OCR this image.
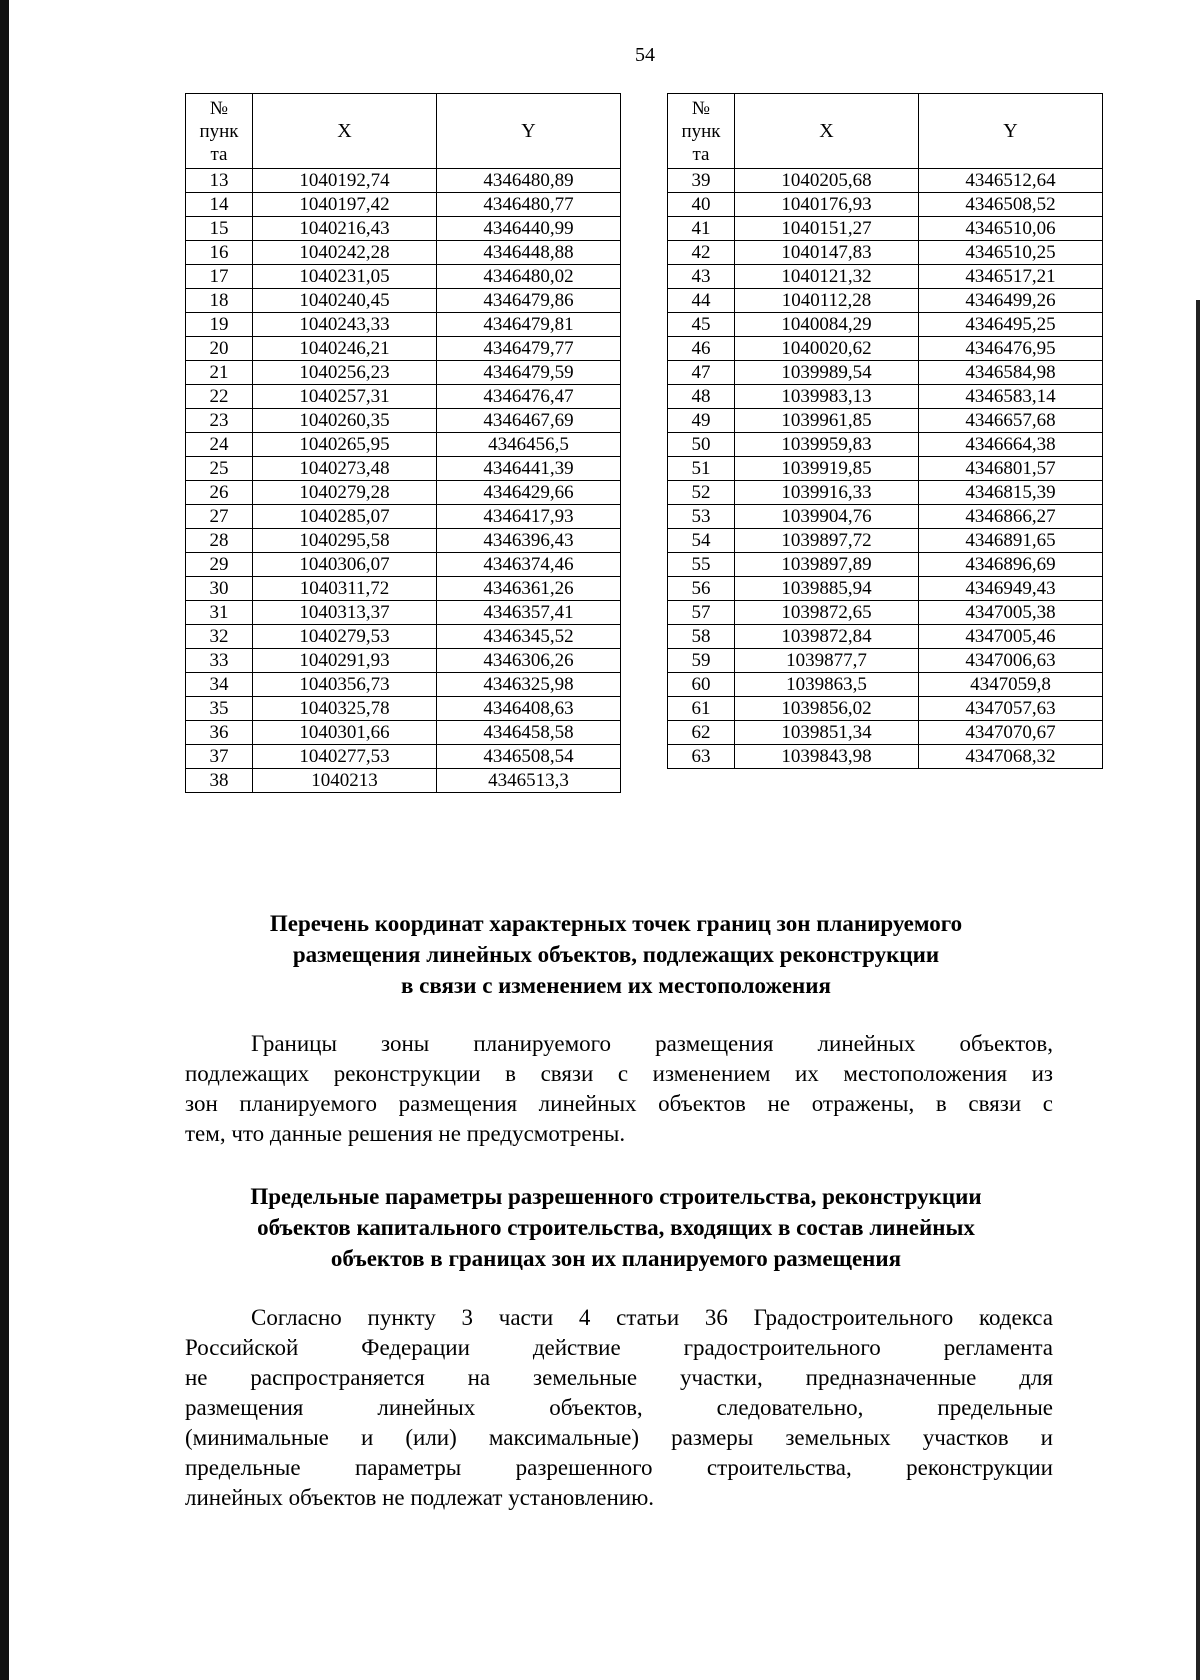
54
№
пунк
та	X	Y
13	1040192,74	4346480,89
14	1040197,42	4346480,77
15	1040216,43	4346440,99
16	1040242,28	4346448,88
17	1040231,05	4346480,02
18	1040240,45	4346479,86
19	1040243,33	4346479,81
20	1040246,21	4346479,77
21	1040256,23	4346479,59
22	1040257,31	4346476,47
23	1040260,35	4346467,69
24	1040265,95	4346456,5
25	1040273,48	4346441,39
26	1040279,28	4346429,66
27	1040285,07	4346417,93
28	1040295,58	4346396,43
29	1040306,07	4346374,46
30	1040311,72	4346361,26
31	1040313,37	4346357,41
32	1040279,53	4346345,52
33	1040291,93	4346306,26
34	1040356,73	4346325,98
35	1040325,78	4346408,63
36	1040301,66	4346458,58
37	1040277,53	4346508,54
38	1040213	4346513,3
№
пунк
та	X	Y
39	1040205,68	4346512,64
40	1040176,93	4346508,52
41	1040151,27	4346510,06
42	1040147,83	4346510,25
43	1040121,32	4346517,21
44	1040112,28	4346499,26
45	1040084,29	4346495,25
46	1040020,62	4346476,95
47	1039989,54	4346584,98
48	1039983,13	4346583,14
49	1039961,85	4346657,68
50	1039959,83	4346664,38
51	1039919,85	4346801,57
52	1039916,33	4346815,39
53	1039904,76	4346866,27
54	1039897,72	4346891,65
55	1039897,89	4346896,69
56	1039885,94	4346949,43
57	1039872,65	4347005,38
58	1039872,84	4347005,46
59	1039877,7	4347006,63
60	1039863,5	4347059,8
61	1039856,02	4347057,63
62	1039851,34	4347070,67
63	1039843,98	4347068,32
Перечень координат характерных точек границ зон планируемого
размещения линейных объектов, подлежащих реконструкции
в связи с изменением их местоположения
Границы зоны планируемого размещения линейных объектов,
подлежащих реконструкции в связи с изменением их местоположения из
зон планируемого размещения линейных объектов не отражены, в связи с
тем, что данные решения не предусмотрены.
Предельные параметры разрешенного строительства, реконструкции
объектов капитального строительства, входящих в состав линейных
объектов в границах зон их планируемого размещения
Согласно пункту 3 части 4 статьи 36 Градостроительного кодекса
Российской Федерации действие градостроительного регламента
не распространяется на земельные участки, предназначенные для
размещения линейных объектов, следовательно, предельные
(минимальные и (или) максимальные) размеры земельных участков и
предельные параметры разрешенного строительства, реконструкции
линейных объектов не подлежат установлению.
